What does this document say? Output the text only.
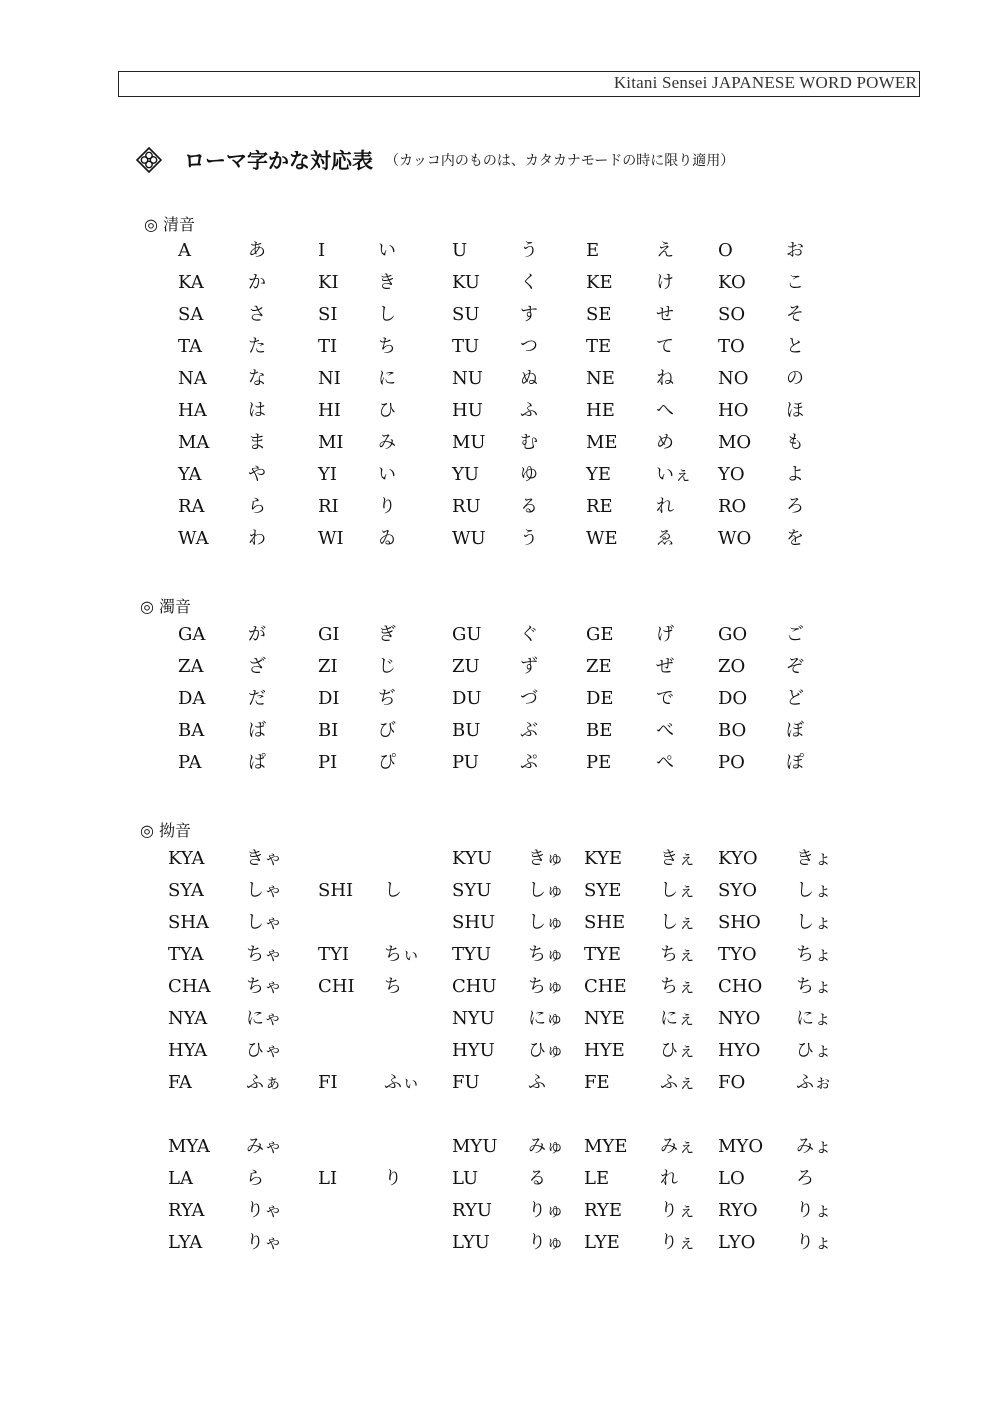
Kitani Sensei JAPANESE WORD POWER
ローマ字かな対応表 （カッコ内のものは、カタカナモードの時に限り適用）
◎ 清音
A	あ	I	い	U	う	E	え O	お
KA か	KI き	KU く	KE け KO こ
SA さ	SI し	SU す	SE せ SO そ
TA	た	TI ち	TU つ	TE て TO と
NA な	NI に	NU ぬ	NE ね NO の
HA は	HI ひ	HU ふ	HE へ HO ほ
MA ま	MI み	MU む	ME め MO も
YA	や	YI い	YU ゆ	YE いぇ YO よ
RA ら	RI り	RU る	RE れ RO ろ
WA わ	WI ゐ	WU う	WE ゑ WO を
◎ 濁音
GA が	GI ぎ	GU ぐ	GE げ GO ご
ZA ざ	ZI じ	ZU ず	ZE ぜ ZO ぞ
DA だ	DI ぢ	DU づ	DE で DO ど
BA ば	BI び	BU ぶ	BE べ BO ぼ
PA	ぱ	PI ぴ	PU ぷ	PE ぺ PO ぽ
◎ 拗音
KYA きゃ	KYU きゅ KYE きぇ KYO きょ
SYA しゃ SHI し	SYU しゅ SYE しぇ SYO しょ
SHA しゃ	SHU しゅ SHE しぇ SHO しょ
TYA ちゃ TYI ちぃ TYU ちゅ TYE ちぇ TYO ちょ
CHA ちゃ CHI ち	CHU ちゅ CHE ちぇ CHO ちょ
NYA にゃ	NYU にゅ NYE にぇ NYO にょ
HYA ひゃ	HYU ひゅ HYE ひぇ HYO ひょ
FA	ふぁ FI	ふぃ FU	ふ FE	ふぇ FO	ふぉ
MYA みゃ	MYU みゅ MYE みぇ MYO みょ
LA	ら	LI	り	LU	る LE	れ LO	ろ
RYA りゃ	RYU りゅ RYE りぇ RYO りょ
LYA りゃ	LYU りゅ LYE りぇ LYO りょ
